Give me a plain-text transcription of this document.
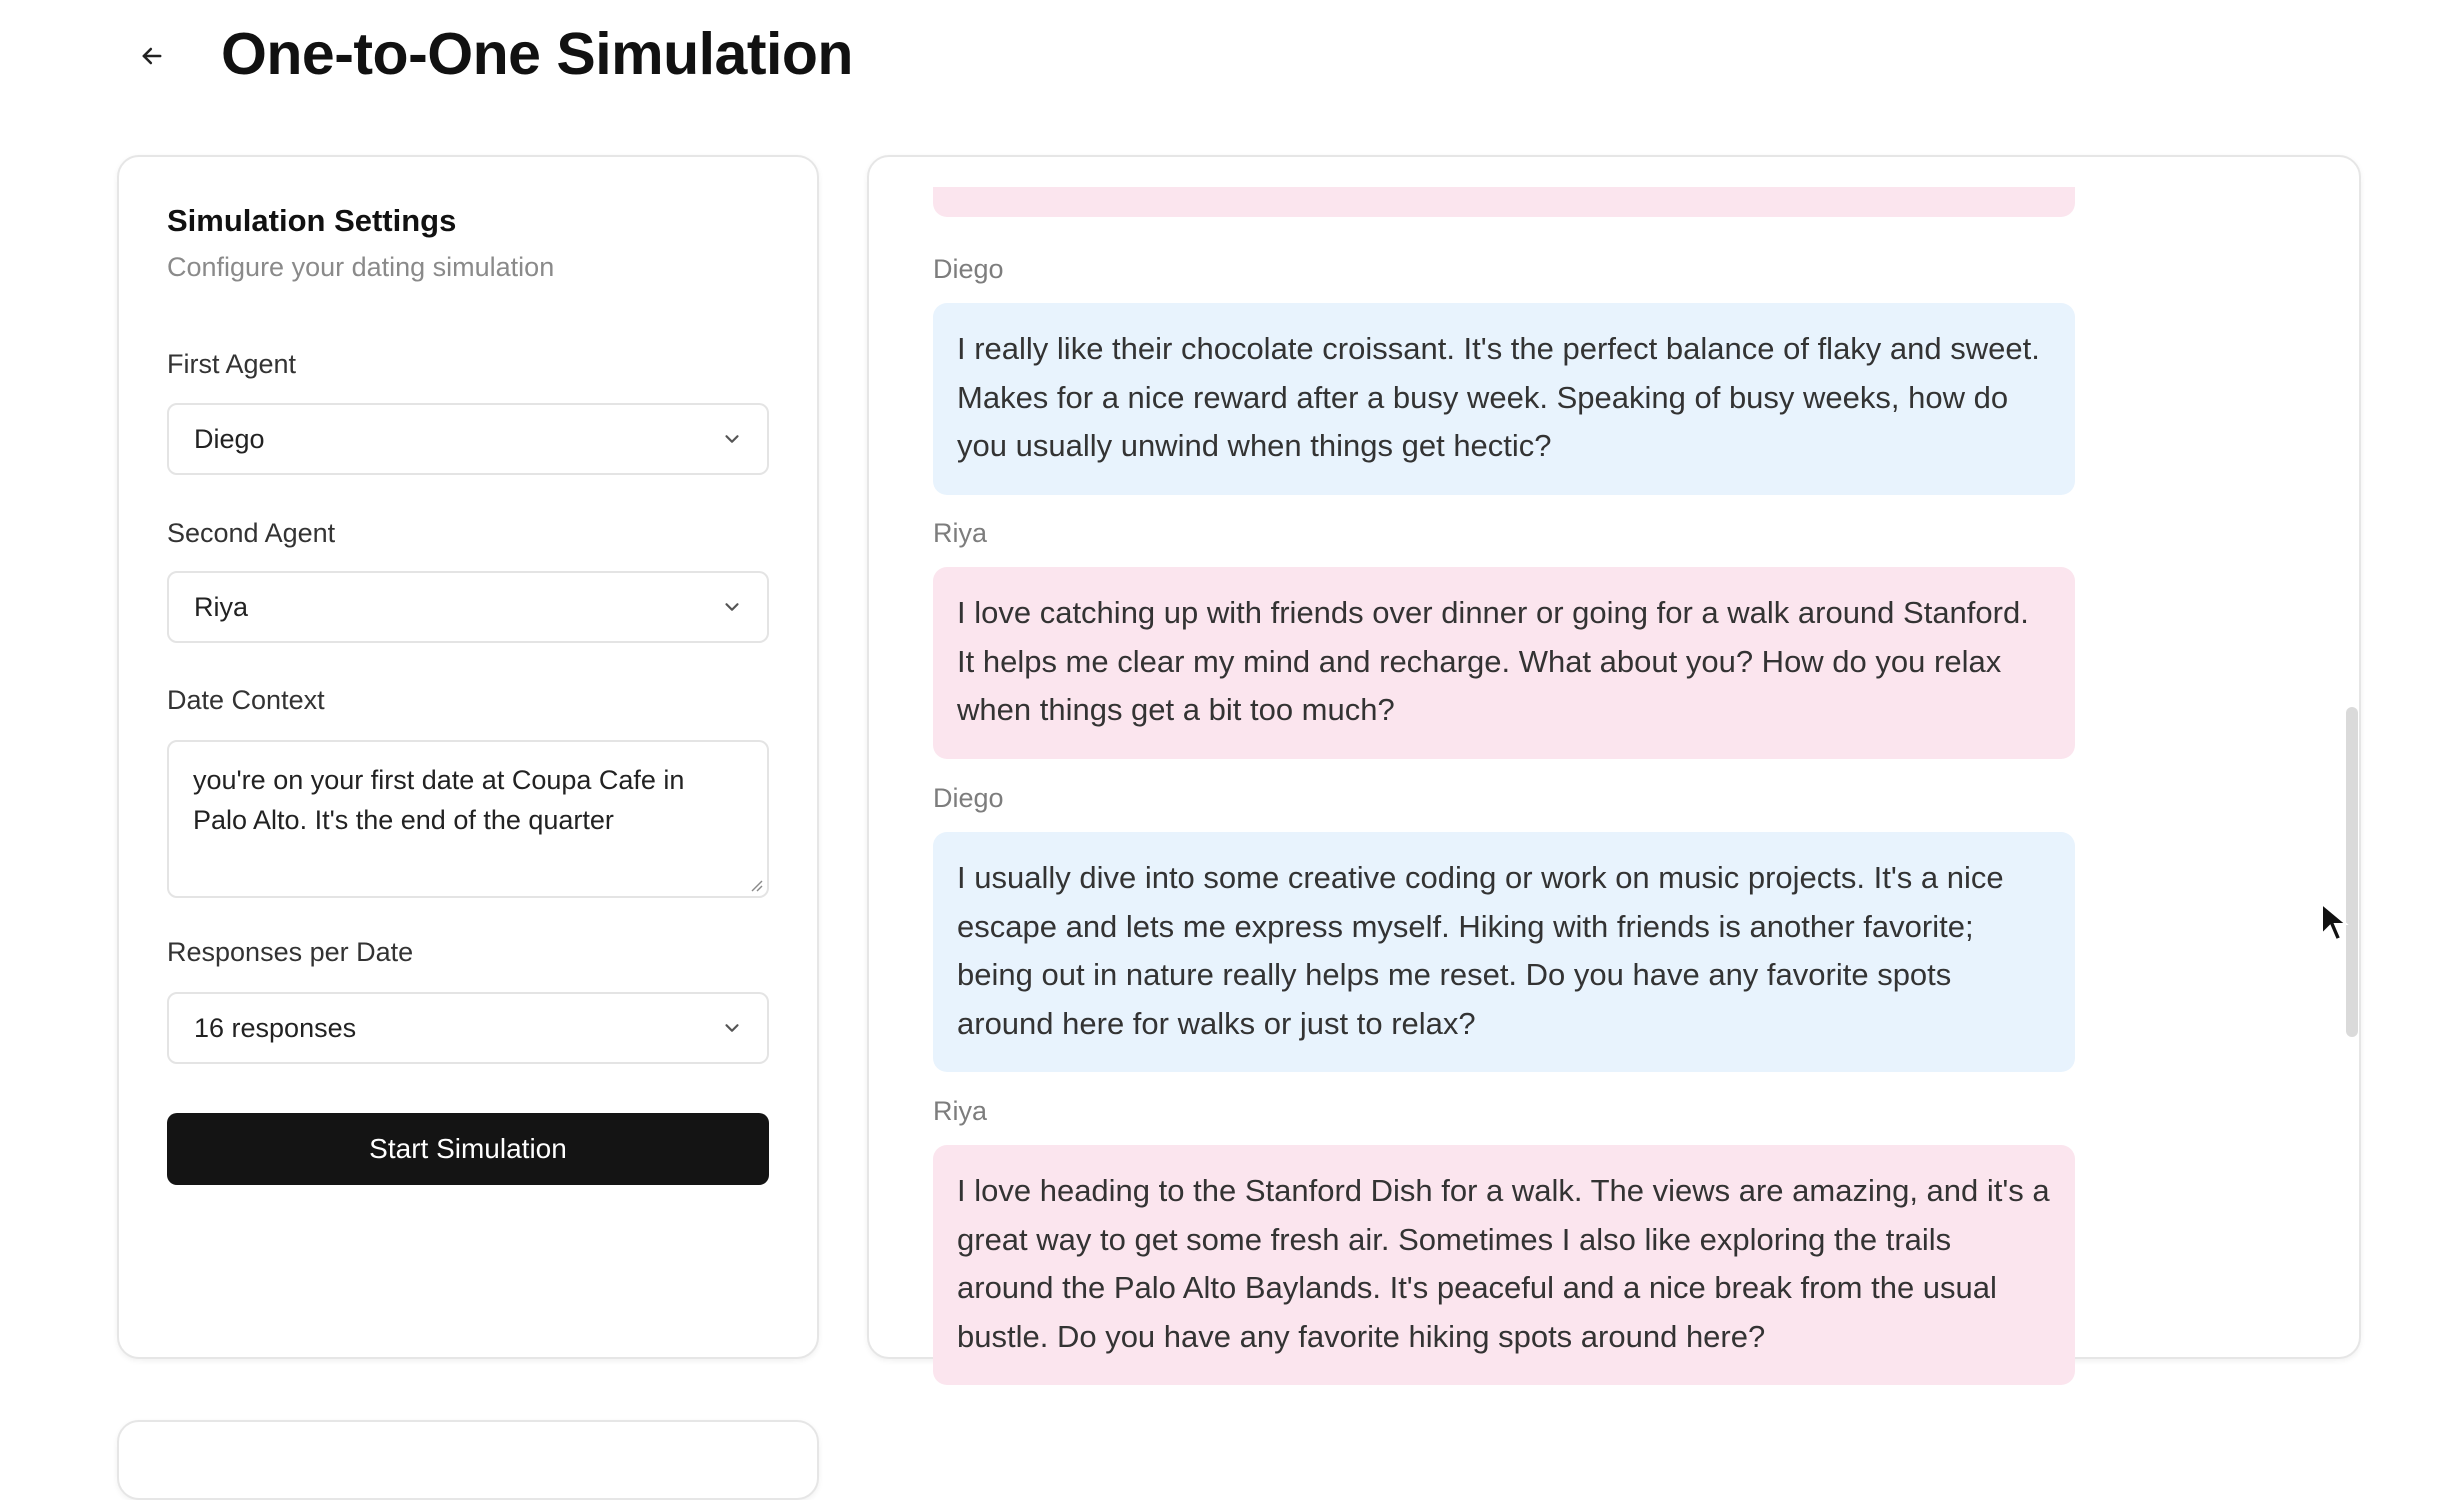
One-to-One Simulation
Simulation Settings

Configure your dating simulation

First Agent
Diego
Second Agent
Riya
Date Context
you're on your first date at Coupa Cafe in Palo Alto. It's the end of the quarter
Responses per Date
16 responses
Start Simulation
Diego
I really like their chocolate croissant. It's the perfect balance of flaky and sweet. Makes for a nice reward after a busy week. Speaking of busy weeks, how do you usually unwind when things get hectic?
Riya
I love catching up with friends over dinner or going for a walk around Stanford. It helps me clear my mind and recharge. What about you? How do you relax when things get a bit too much?
Diego
I usually dive into some creative coding or work on music projects. It's a nice escape and lets me express myself. Hiking with friends is another favorite; being out in nature really helps me reset. Do you have any favorite spots around here for walks or just to relax?
Riya
I love heading to the Stanford Dish for a walk. The views are amazing, and it's a great way to get some fresh air. Sometimes I also like exploring the trails around the Palo Alto Baylands. It's peaceful and a nice break from the usual bustle. Do you have any favorite hiking spots around here?
